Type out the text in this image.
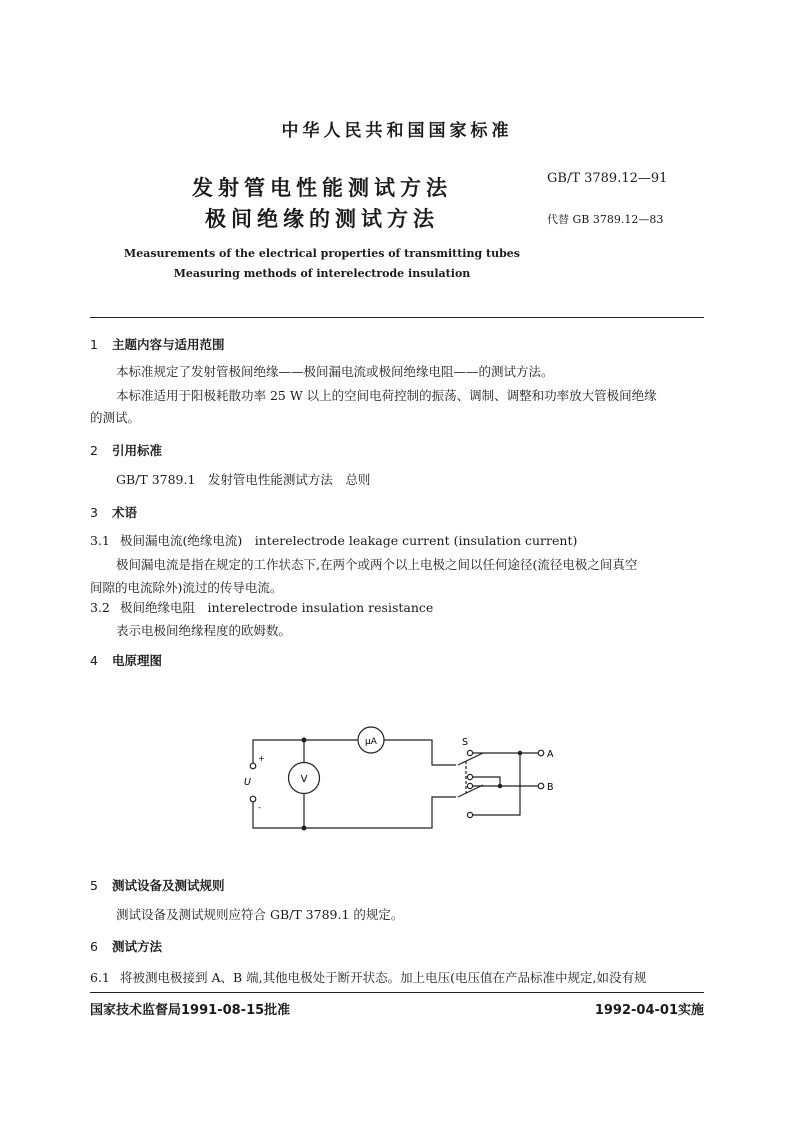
中华人民共和国国家标准
发射管电性能测试方法
极间绝缘的测试方法
GB/T 3789.12—91
代替 GB 3789.12—83
Measurements of the electrical properties of transmitting tubes
Measuring methods of interelectrode insulation
1 主题内容与适用范围
本标准规定了发射管极间绝缘——极间漏电流或极间绝缘电阻——的测试方法。
本标准适用于阳极耗散功率 25 W 以上的空间电荷控制的振荡、调制、调整和功率放大管极间绝缘
的测试。
2 引用标准
GB/T 3789.1　发射管电性能测试方法　总则
3 术语
3.1 极间漏电流(绝缘电流)　interelectrode leakage current (insulation current)
极间漏电流是指在规定的工作状态下,在两个或两个以上电极之间以任何途径(流径电极之间真空
间隙的电流除外)流过的传导电流。
3.2 极间绝缘电阻　interelectrode insulation resistance
表示电极间绝缘程度的欧姆数。
4 电原理图
μA
V
S
A
B
U
+
-
5 测试设备及测试规则
测试设备及测试规则应符合 GB/T 3789.1 的规定。
6 测试方法
6.1 将被测电极接到 A、B 端,其他电极处于断开状态。加上电压(电压值在产品标准中规定,如没有规
国家技术监督局1991-08-15批准	1992-04-01实施
